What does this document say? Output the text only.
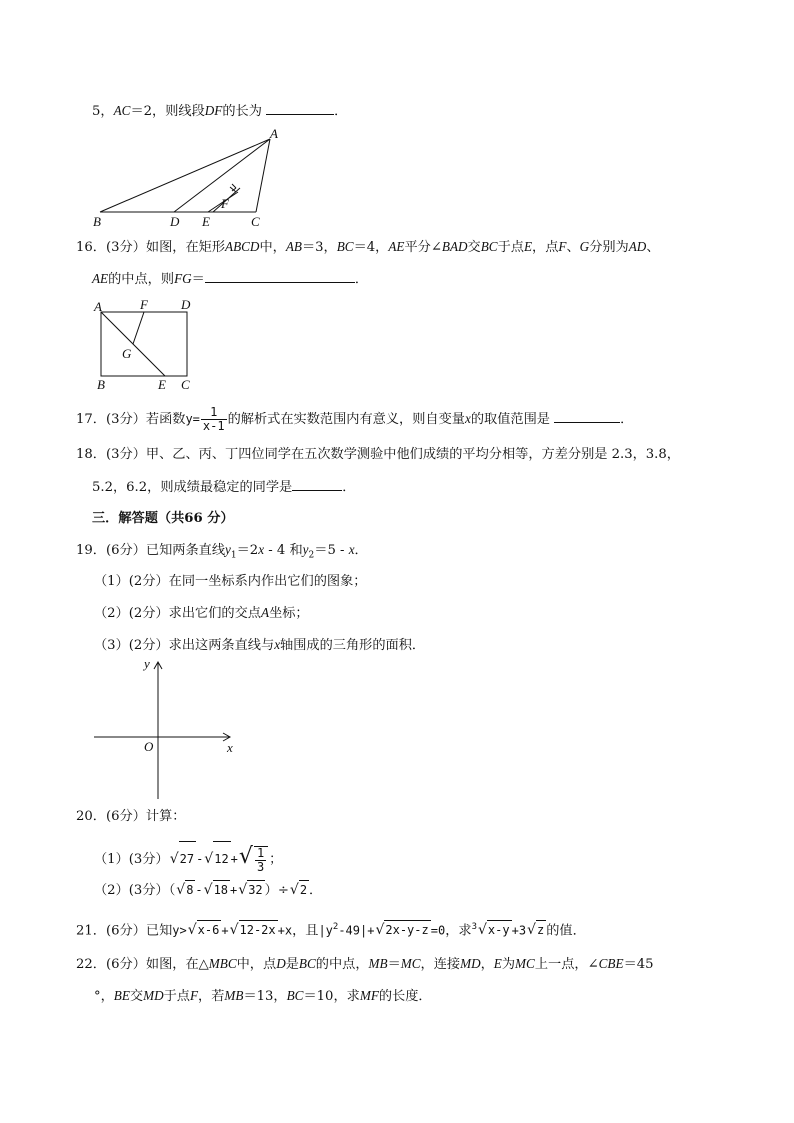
5，AC＝2，则线段DF的长为	．
A
B	D E
F
C
16．(3分）如图，在矩形ABCD中，AB＝3，BC＝4，AE平分∠BAD交BC于点E，点F、G分别为AD、
AE的中点，则FG＝	．
A	F	D
G
B	E C
17．(3分）若函数$y= \frac{1}{x-1}$ 的解析式在实数范围内有意义，则自变量x的取值范围是	．
18．(3分）甲、乙、丙、丁四位同学在五次数学测验中他们成绩的平均分相等，方差分别是 2.3，3.8，
5.2，6.2，则成绩最稳定的同学是	．
三．解答题（共66 分）
19．(6分）已知两条直线$y_1=2x - 4$ 和$y_2=5 - x$．
（1）(2分）在同一坐标系内作出它们的图象；
（2）(2分）求出它们的交点A坐标；
（3）(2分）求出这两条直线与x轴围成的三角形的面积．
y
O	x
20．(6分）计算：
（1）(3分）√27 -√12 +√ $\frac{1}{3}$ ；
（2）(3分）（√8 -√18 +√32 ）÷√2 ．
21．(6分）已知y>√x-6 +√12-2x +x，且$|y^2-49|+√2x-y-z =0$，求$^3$√x-y +3√z 的值．
22．(6分）如图，在△MBC中，点D是BC的中点，MB＝MC，连接MD，E为MC上一点，∠CBE＝45
°，BE交MD于点F，若MB＝13，BC＝10，求MF的长度．
